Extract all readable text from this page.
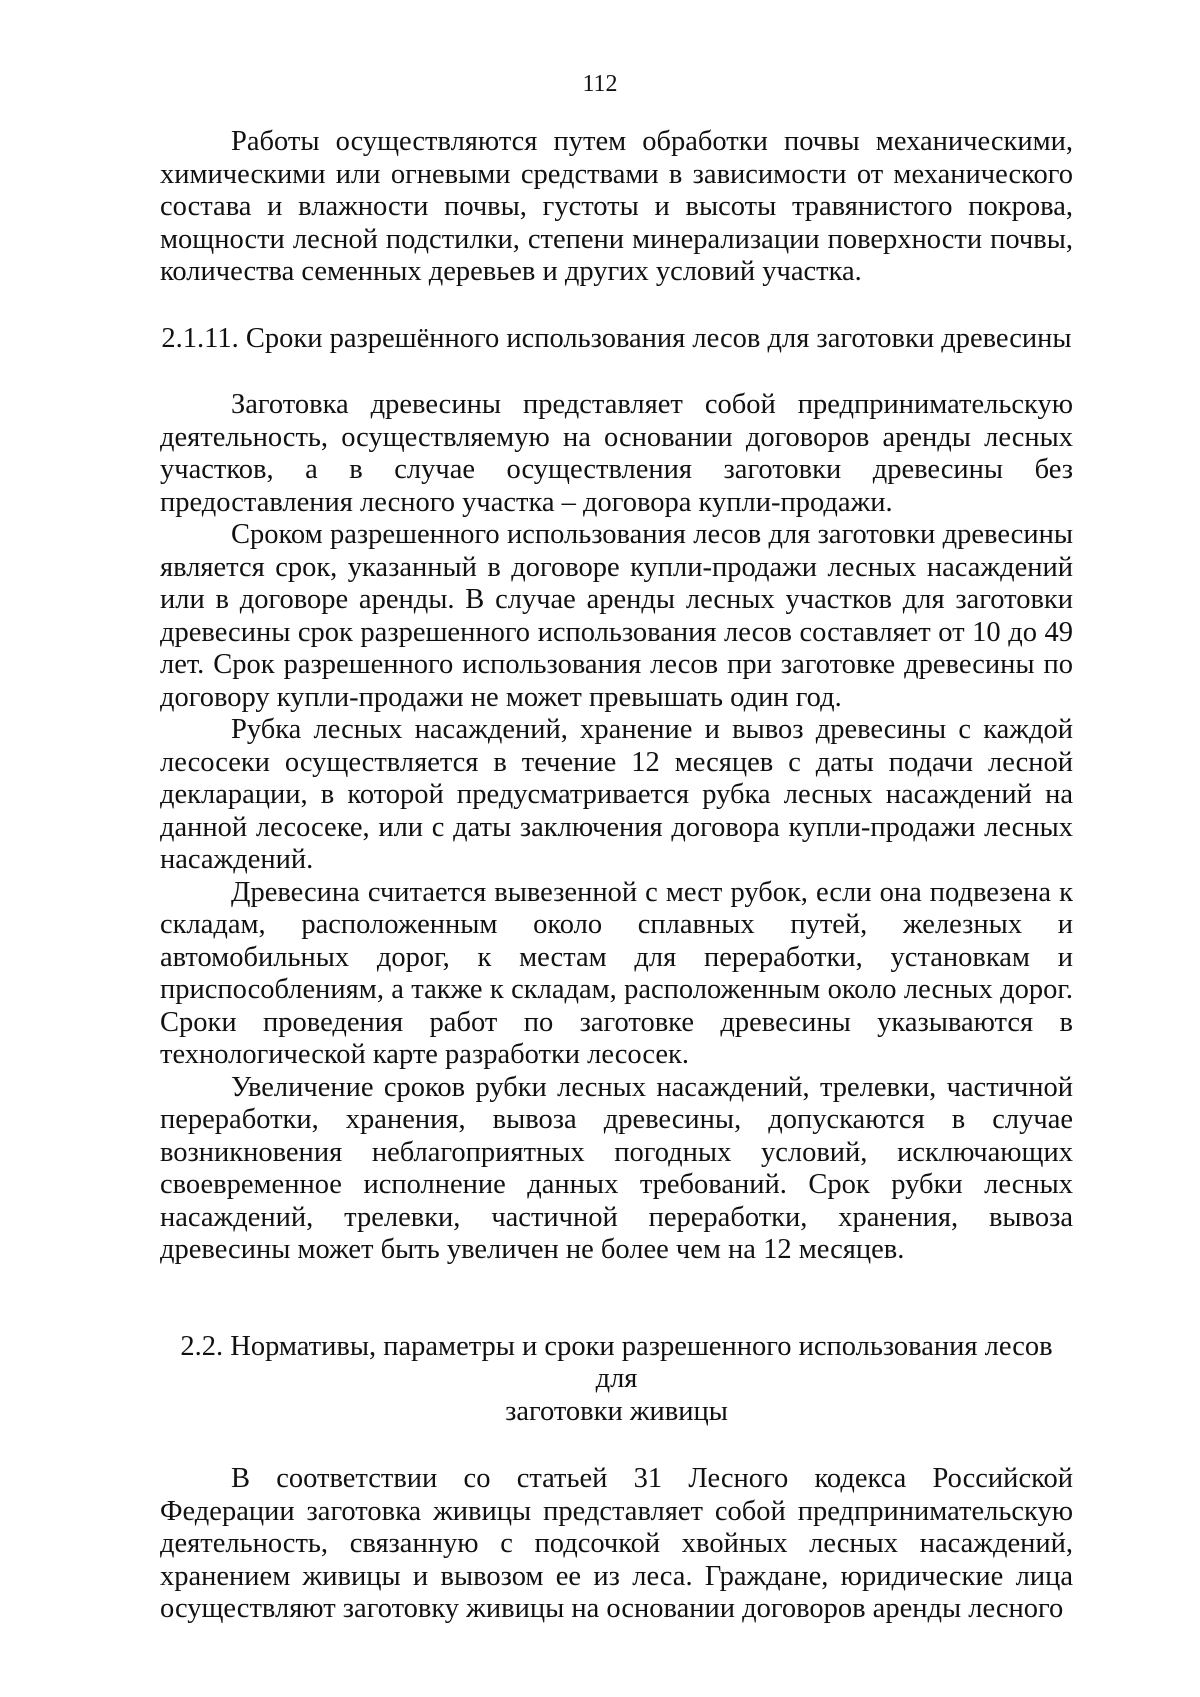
112

Работы осуществляются путем обработки почвы механическими, химическими или огневыми средствами в зависимости от механического состава и влажности почвы, густоты и высоты травянистого покрова, мощности лесной подстилки, степени минерализации поверхности почвы, количества семенных деревьев и других условий участка.

2.1.11. Сроки разрешённого использования лесов для заготовки древесины

Заготовка древесины представляет собой предпринимательскую деятельность, осуществляемую на основании договоров аренды лесных участков, а в случае осуществления заготовки древесины без предоставления лесного участка – договора купли-продажи.

Сроком разрешенного использования лесов для заготовки древесины является срок, указанный в договоре купли-продажи лесных насаждений или в договоре аренды. В случае аренды лесных участков для заготовки древесины срок разрешенного использования лесов составляет от 10 до 49 лет. Срок разрешенного использования лесов при заготовке древесины по договору купли-продажи не может превышать один год.

Рубка лесных насаждений, хранение и вывоз древесины с каждой лесосеки осуществляется в течение 12 месяцев с даты подачи лесной декларации, в которой предусматривается рубка лесных насаждений на данной лесосеке, или с даты заключения договора купли-продажи лесных насаждений.

Древесина считается вывезенной с мест рубок, если она подвезена к складам, расположенным около сплавных путей, железных и автомобильных дорог, к местам для переработки, установкам и приспособлениям, а также к складам, расположенным около лесных дорог. Сроки проведения работ по заготовке древесины указываются в технологической карте разработки лесосек.

Увеличение сроков рубки лесных насаждений, трелевки, частичной переработки, хранения, вывоза древесины, допускаются в случае возникновения неблагоприятных погодных условий, исключающих своевременное исполнение данных требований. Срок рубки лесных насаждений, трелевки, частичной переработки, хранения, вывоза древесины может быть увеличен не более чем на 12 месяцев.

2.2. Нормативы, параметры и сроки разрешенного использования лесов для
заготовки живицы

В соответствии со статьей 31 Лесного кодекса Российской Федерации заготовка живицы представляет собой предпринимательскую деятельность, связанную с подсочкой хвойных лесных насаждений, хранением живицы и вывозом ее из леса. Граждане, юридические лица осуществляют заготовку живицы на основании договоров аренды лесного
